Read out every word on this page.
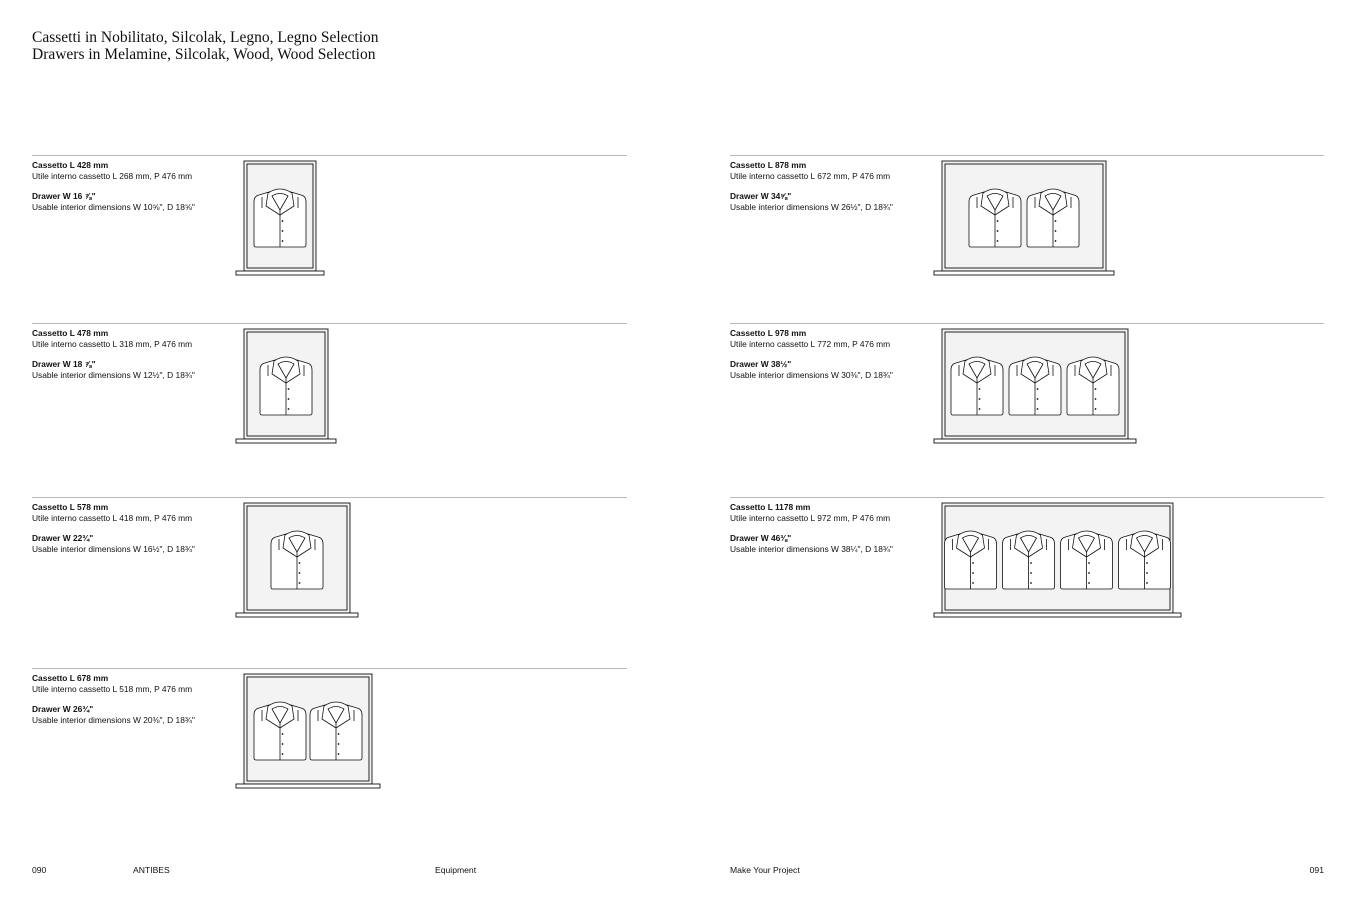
Cassetti in Nobilitato, Silcolak, Legno, Legno Selection
Drawers in Melamine, Silcolak, Wood, Wood Selection
Cassetto L 428 mm
Utile interno cassetto L 268 mm, P 476 mm
Drawer W 16 ⅞"
Usable interior dimensions W 10⅝", D 18⅝"
Cassetto L 478 mm
Utile interno cassetto L 318 mm, P 476 mm
Drawer W 18 ⅞"
Usable interior dimensions W 12½", D 18¾"
Cassetto L 578 mm
Utile interno cassetto L 418 mm, P 476 mm
Drawer W 22¾"
Usable interior dimensions W 16½", D 18¾"
Cassetto L 678 mm
Utile interno cassetto L 518 mm, P 476 mm
Drawer W 26¾"
Usable interior dimensions W 20⅜", D 18¾"
Cassetto L 878 mm
Utile interno cassetto L 672 mm, P 476 mm
Drawer W 34⅝"
Usable interior dimensions W 26½", D 18¾"
Cassetto L 978 mm
Utile interno cassetto L 772 mm, P 476 mm
Drawer W 38½"
Usable interior dimensions W 30⅜", D 18¾"
Cassetto L 1178 mm
Utile interno cassetto L 972 mm, P 476 mm
Drawer W 46⅜"
Usable interior dimensions W 38¼", D 18¾"
090	ANTIBES	Equipment	Make Your Project	091
